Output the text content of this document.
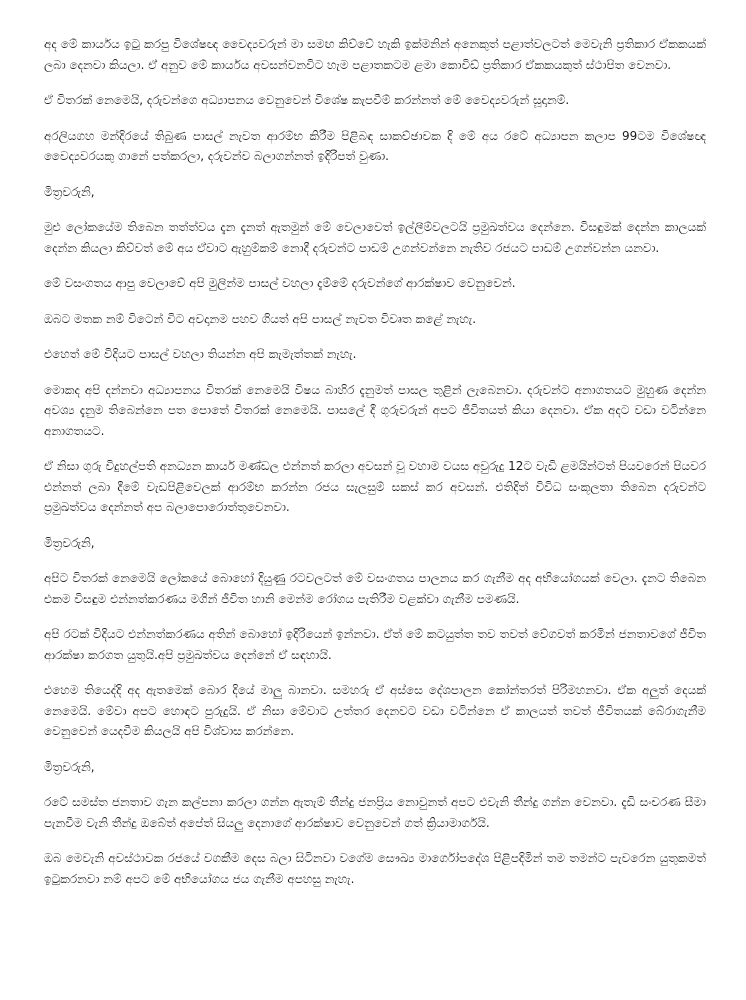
අද මේ කාර්යය ඉටු කරපු විශේෂඥ වෛද්‍යවරුන් මා සමඟ කිව්වේ හැකි ඉක්මනින් අනෙකුත් පළාත්වලටත් මෙවැනි ප්‍රතිකාර ඒකකයක් ලබා දෙනවා කියලා. ඒ අනුව මේ කාර්යය අවසන්වනවිට හැම පළාතකටම ළමා කොවිඩ් ප්‍රතිකාර ඒකකයකුත් ස්ථාපිත වෙනවා.

ඒ විතරක් නෙමෙයි, දරුවන්ගෙ අධ්‍යාපනය වෙනුවෙන් විශේෂ කැපවීම් කරන්නත් මේ වෛද්‍යවරුන් සූදානම්.

අරලියගහ මන්දිරයේ තිබුණ පාසල් නැවත ආරම්භ කිරීම පිළිබඳ සාකච්ඡාවක දි මේ අය රටේ අධ්‍යාපන කලාප 99ටම විශේෂඥ වෛද්‍යවරයකු ගානේ පත්කරලා, දරුවන්ව බලාගන්නත් ඉදිරිපත් වුණා.

මිත්‍රවරුනි,

මුළු ලෝකයේම තිබෙන තත්ත්වය දැන දැනත් ඇතමුන් මේ වෙලාවෙත් ඉල්ලීම්වලටයි ප්‍රමුඛත්වය දෙන්නෙ. විසඳුමක් දෙන්න කාලයක් දෙන්න කියලා කිව්වත් මේ අය ඒවාට ඇහුම්කම් නොදී දරුවන්ට පාඩම් උගන්වන්නෙ නැතිව රජයට පාඩම් උගන්වන්න යනවා.

මේ වසංගතය ආපු වෙලාවේ අපි මුලින්ම පාසල් වහලා දැම්මේ දරුවන්ගේ ආරක්ෂාව වෙනුවෙන්.

ඔබට මතක නම් විටෙන් විට අවදානම පහව ගියත් අපි පාසල් නැවත විවෘත කළේ නැහැ.

එහෙත් මේ විදියට පාසල් වහලා තියන්න අපි කැමැත්තක් නැහැ.

මොකද අපි දන්නවා අධ්‍යාපනය විතරක් නෙමෙයි විෂය බාහිර දැනුමත් පාසල තුළින් ලැබෙනවා. දරුවන්ට අනාගතයට මුහුණ දෙන්න අවශ්‍ය දැනුම තිබෙන්නෙ පත පොතේ විතරක් නෙමෙයි. පාසලේ දී ගුරුවරුන් අපට ජීවිතයත් කියා දෙනවා. ඒක අදට වඩා වටින්නෙ අනාගතයට.

ඒ නිසා ගුරු විදුහල්පති අනධ්‍යන කාර්ය මණ්ඩල එන්නත් කරලා අවසන් වූ වහාම වයස අවුරුදු 12ට වැඩි ළමයින්ටත් පියවරෙන් පියවර එන්නත් ලබා දීමේ වැඩපිළිවෙලක් ආරම්භ කරන්න රජය සැලසුම් සකස් කර අවසන්. එතිදිත් විවිධ සංකූලතා තිබෙන දරුවන්ට ප්‍රමුඛත්වය දෙන්නත් අප බලාපොරොත්තුවෙනවා.

මිත්‍රවරුනි,

අපිට විතරක් නෙමෙයි ලෝකයේ බොහෝ දියුණු රටවලටත් මේ වසංගතය පාලනය කර ගැනීම අද අභියෝගයක් වෙලා. දැනට තිබෙන එකම විසඳුම එන්නත්කරණය මගින් ජීවිත හානි මෙන්ම රෝගය පැතිරීම වළක්වා ගැනීම පමණයි.

අපි රටක් විදියට එන්නත්කරණය අතින් බොහෝ ඉදිරියෙන් ඉන්නවා. ඒත් මේ කටයුත්ත තව තවත් වේගවත් කරමින් ජනතාවගේ ජීවිත ආරක්ෂා කරගත යුතුයි.අපි ප්‍රමුඛත්වය දෙන්නේ ඒ සඳහායි.

එහෙම තියෙද්දි අද ඇතමෙක් බොර දියේ මාලු බානවා. සමහරු ඒ අස්සෙ දේශපාලන කෝන්තරත් පිරිමහනවා. ඒක අලුත් දෙයක් නෙමෙයි. මේවා අපට හොඳට පුරුදුයි. ඒ නිසා මේවාට උත්තර දෙනවට වඩා වටින්නෙ ඒ කාලයත් තවත් ජීවිතයක් බේරාගැනීම වෙනුවෙන් යෙදවීම කියලයි අපි විශ්වාස කරන්නෙ.

මිත්‍රවරුනි,

රටේ සමස්ත ජනතාව ගැන කල්පනා කරලා ගන්න ඇතැම් තීන්දු ජනප්‍රිය නොවුනත් අපට එවැනි තීන්දු ගන්න වෙනවා. දැඩි සංචරණ සීමා පැනවීම වැනි තීන්දු ඔබේත් අපේත් සියලු දෙනාගේ ආරක්ෂාව වෙනුවෙන් ගත් ක්‍රියාමාර්ගයි.

ඔබ මෙවැනි අවස්ථාවක රජයේ වගකීම දෙස බලා සිටිනවා වගේම සෞඛ්‍ය මාර්ගෝපදේශ පිළිපදිමින් තම තමන්ට පැවරෙන යුතුකමත් ඉටුකරනවා නම් අපට මේ අභියෝගය ජය ගැනීම අපහසු නැහැ.
